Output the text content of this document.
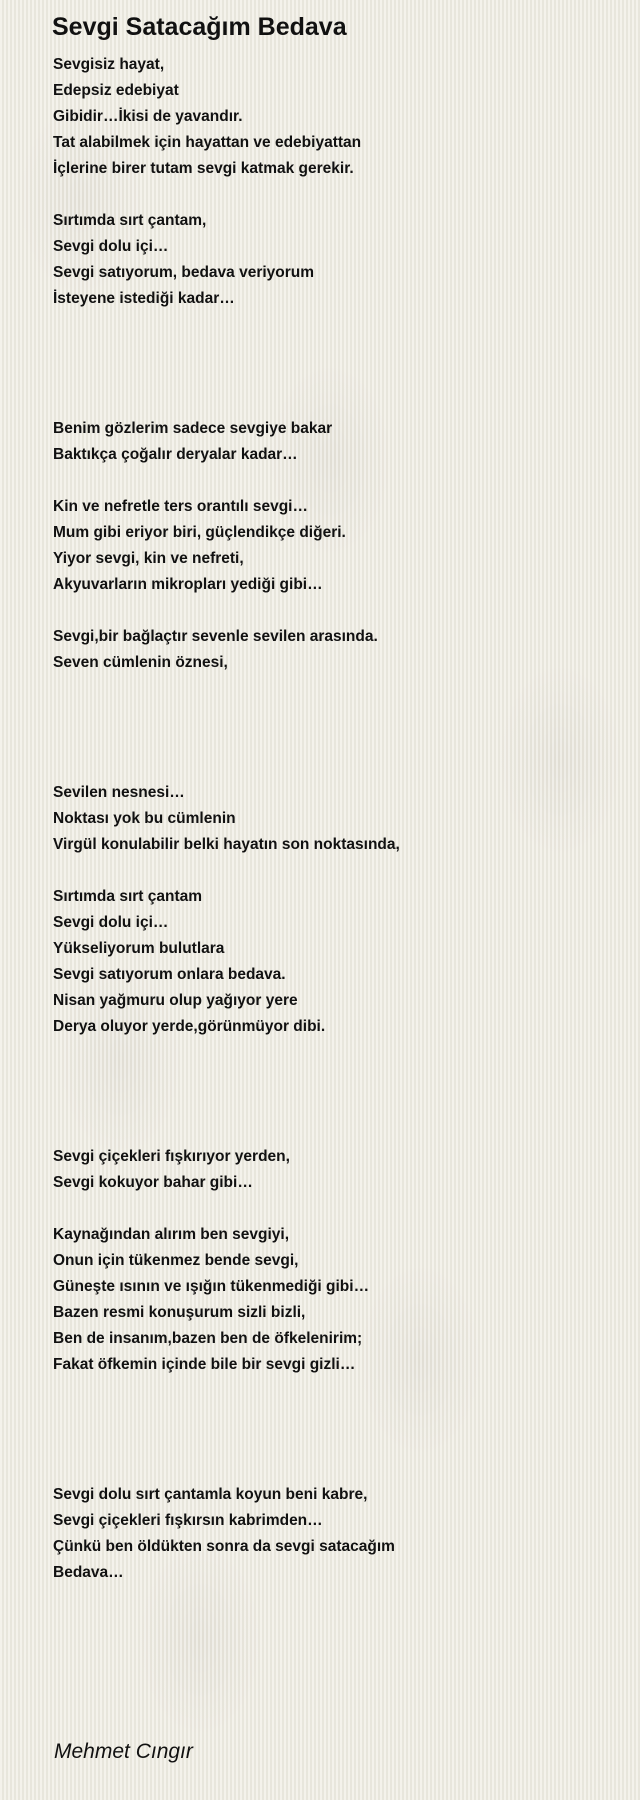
Sevgi Satacağım Bedava
Sevgisiz hayat,
Edepsiz edebiyat
Gibidir…İkisi de yavandır.
Tat alabilmek için hayattan ve edebiyattan
İçlerine birer tutam sevgi katmak gerekir.
Sırtımda sırt çantam,
Sevgi dolu içi…
Sevgi satıyorum, bedava veriyorum
İsteyene istediği kadar…
Benim gözlerim sadece sevgiye bakar
Baktıkça çoğalır deryalar kadar…
Kin ve nefretle ters orantılı sevgi…
Mum gibi eriyor biri, güçlendikçe diğeri.
Yiyor sevgi, kin ve nefreti,
Akyuvarların mikropları yediği gibi…
Sevgi,bir bağlaçtır sevenle sevilen arasında.
Seven cümlenin öznesi,
Sevilen nesnesi…
Noktası yok bu cümlenin
Virgül konulabilir belki hayatın son noktasında,
Sırtımda sırt çantam
Sevgi dolu içi…
Yükseliyorum bulutlara
Sevgi satıyorum onlara bedava.
Nisan yağmuru olup yağıyor yere
Derya oluyor yerde,görünmüyor dibi.
Sevgi çiçekleri fışkırıyor yerden,
Sevgi kokuyor bahar gibi…
Kaynağından alırım ben sevgiyi,
Onun için tükenmez bende sevgi,
Güneşte ısının ve ışığın tükenmediği gibi…
Bazen resmi konuşurum sizli bizli,
Ben de insanım,bazen ben de öfkelenirim;
Fakat öfkemin içinde bile bir sevgi gizli…
Sevgi dolu sırt çantamla koyun beni kabre,
Sevgi çiçekleri fışkırsın kabrimden…
Çünkü ben öldükten sonra da sevgi satacağım
Bedava…
Mehmet Cıngır
